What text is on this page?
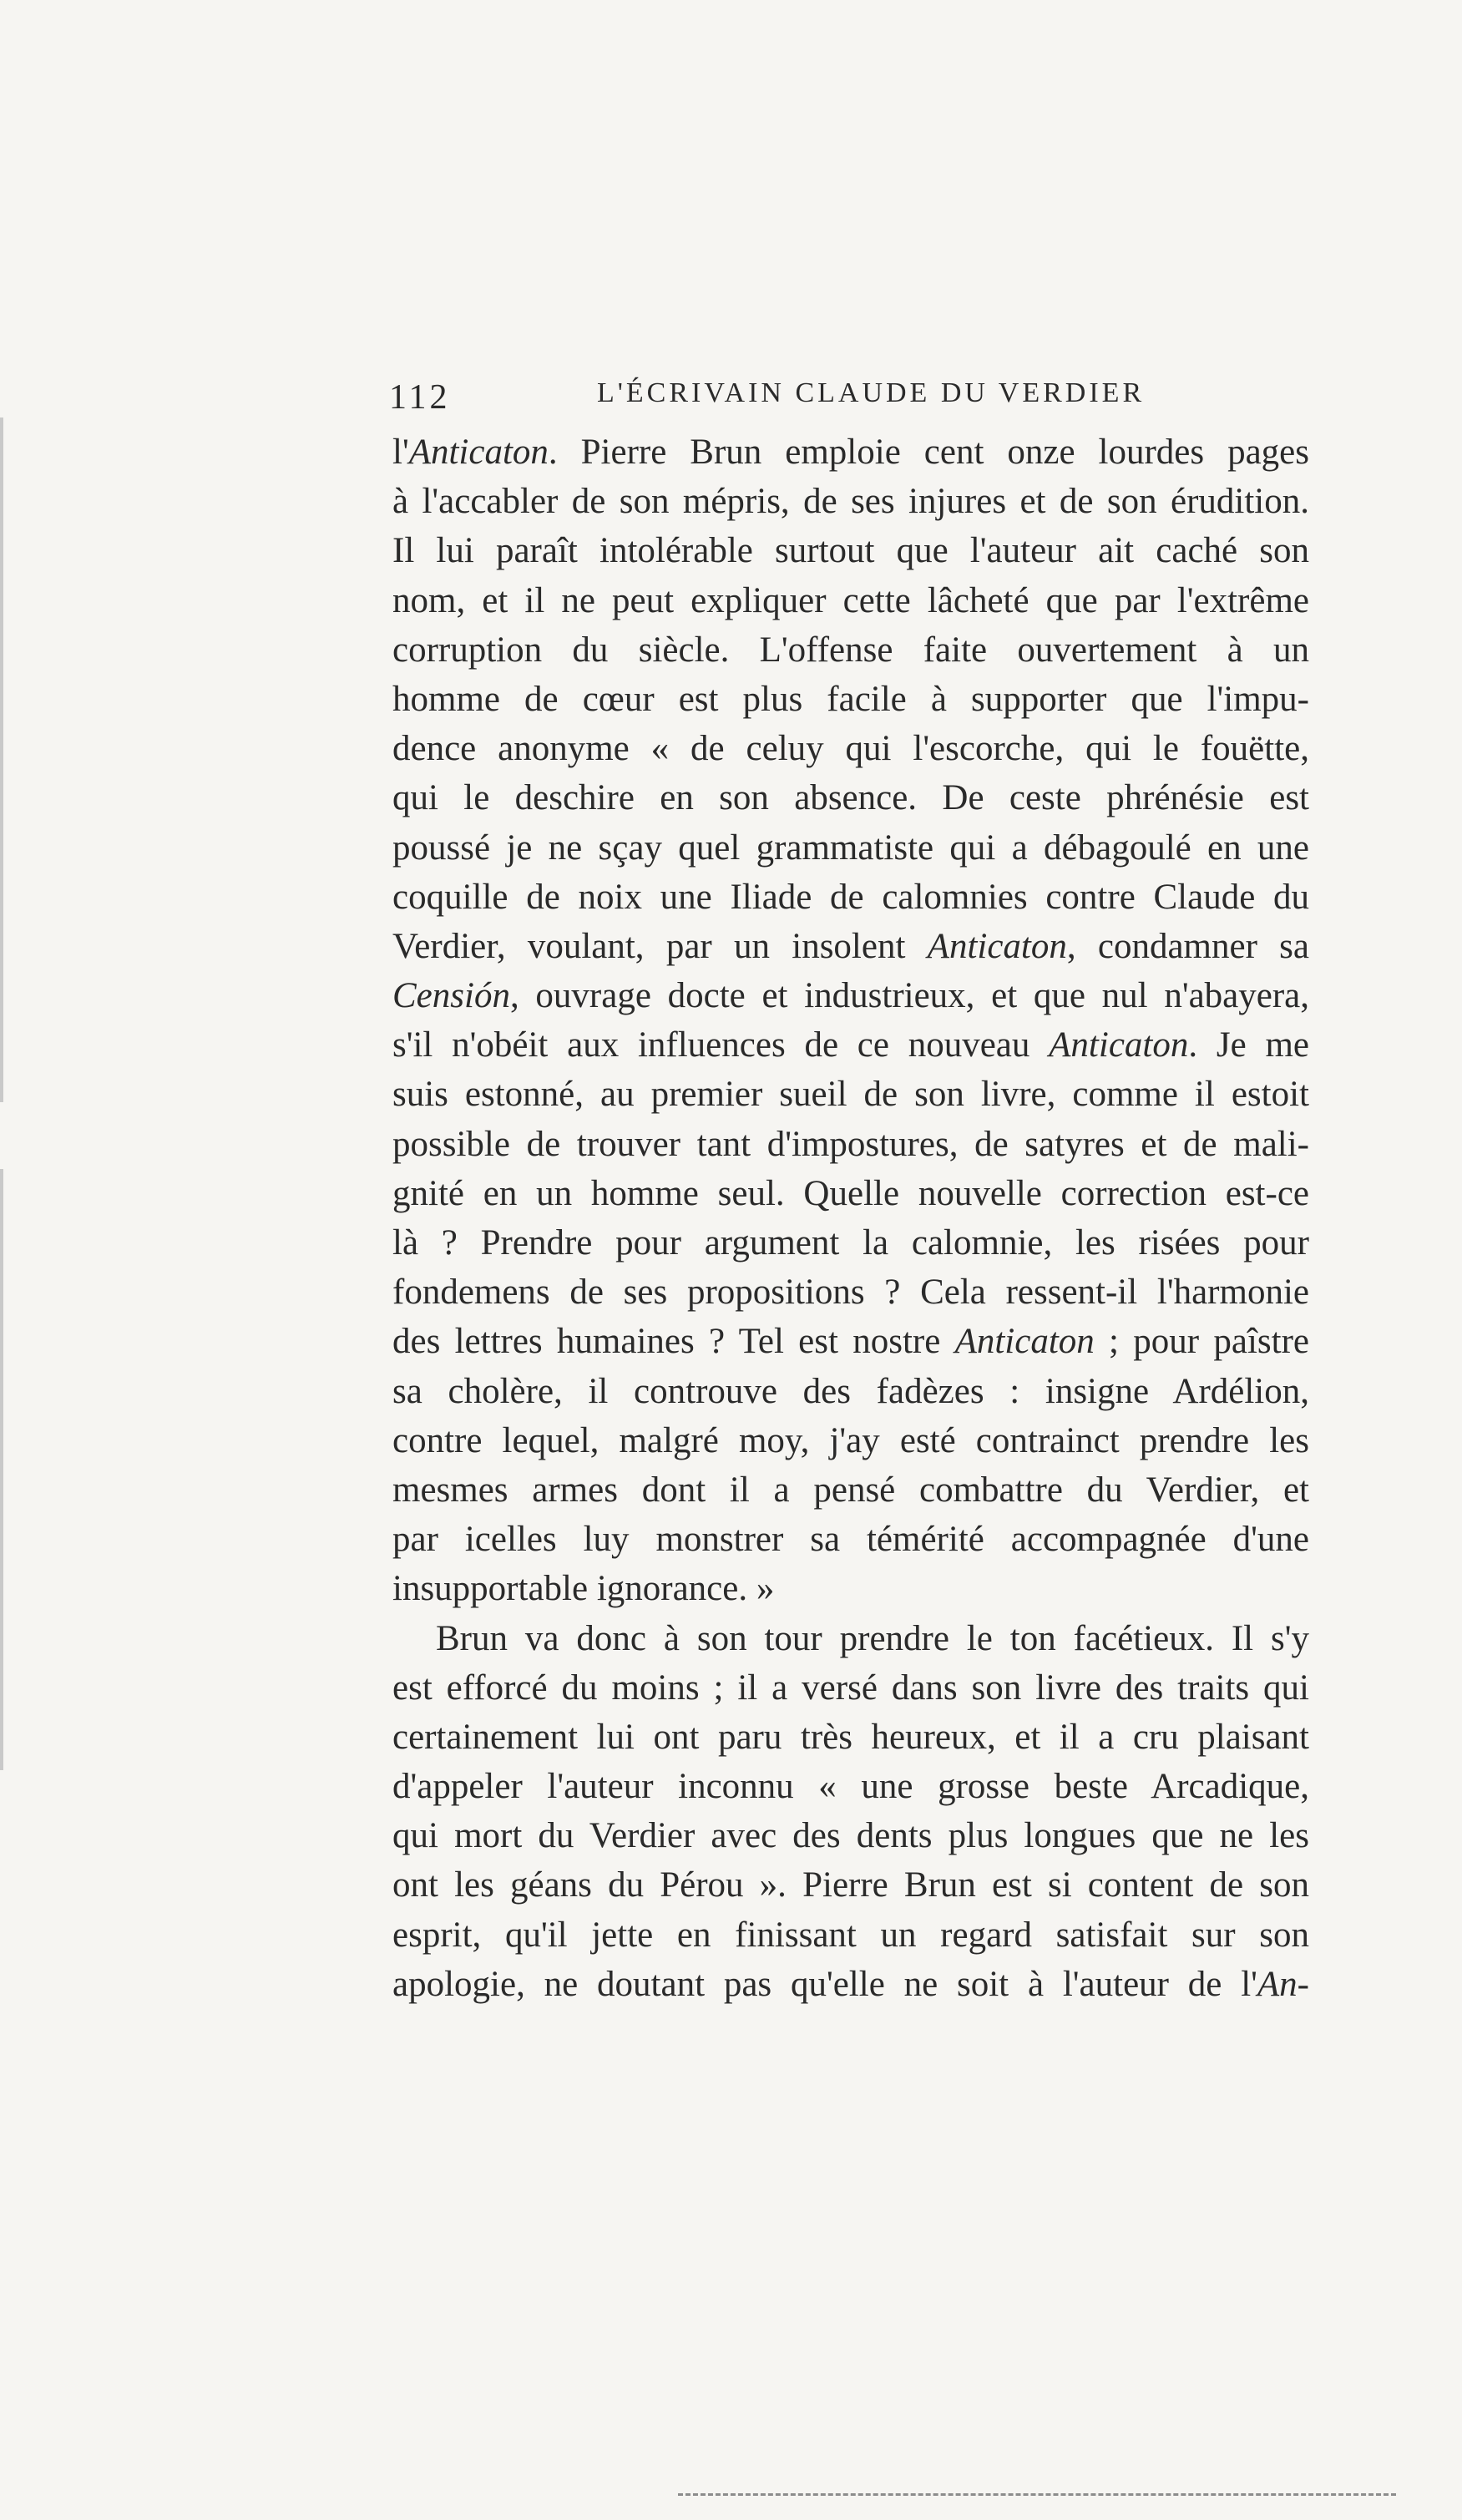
112	L'ÉCRIVAIN CLAUDE DU VERDIER
l'Anticaton. Pierre Brun emploie cent onze lourdes pages
à l'accabler de son mépris, de ses injures et de son érudition.
Il lui paraît intolérable surtout que l'auteur ait caché son
nom, et il ne peut expliquer cette lâcheté que par l'extrême
corruption du siècle. L'offense faite ouvertement à un
homme de cœur est plus facile à supporter que l'impu-
dence anonyme « de celuy qui l'escorche, qui le fouëtte,
qui le deschire en son absence. De ceste phrénésie est
poussé je ne sçay quel grammatiste qui a débagoulé en une
coquille de noix une Iliade de calomnies contre Claude du
Verdier, voulant, par un insolent Anticaton, condamner sa
Censión, ouvrage docte et industrieux, et que nul n'abayera,
s'il n'obéit aux influences de ce nouveau Anticaton. Je me
suis estonné, au premier sueil de son livre, comme il estoit
possible de trouver tant d'impostures, de satyres et de mali-
gnité en un homme seul. Quelle nouvelle correction est-ce
là ? Prendre pour argument la calomnie, les risées pour
fondemens de ses propositions ? Cela ressent-il l'harmonie
des lettres humaines ? Tel est nostre Anticaton ; pour paîstre
sa cholère, il controuve des fadèzes : insigne Ardélion,
contre lequel, malgré moy, j'ay esté contrainct prendre les
mesmes armes dont il a pensé combattre du Verdier, et
par icelles luy monstrer sa témérité accompagnée d'une
insupportable ignorance. »
Brun va donc à son tour prendre le ton facétieux. Il s'y
est efforcé du moins ; il a versé dans son livre des traits qui
certainement lui ont paru très heureux, et il a cru plaisant
d'appeler l'auteur inconnu « une grosse beste Arcadique,
qui mort du Verdier avec des dents plus longues que ne les
ont les géans du Pérou ». Pierre Brun est si content de son
esprit, qu'il jette en finissant un regard satisfait sur son
apologie, ne doutant pas qu'elle ne soit à l'auteur de l'An-
